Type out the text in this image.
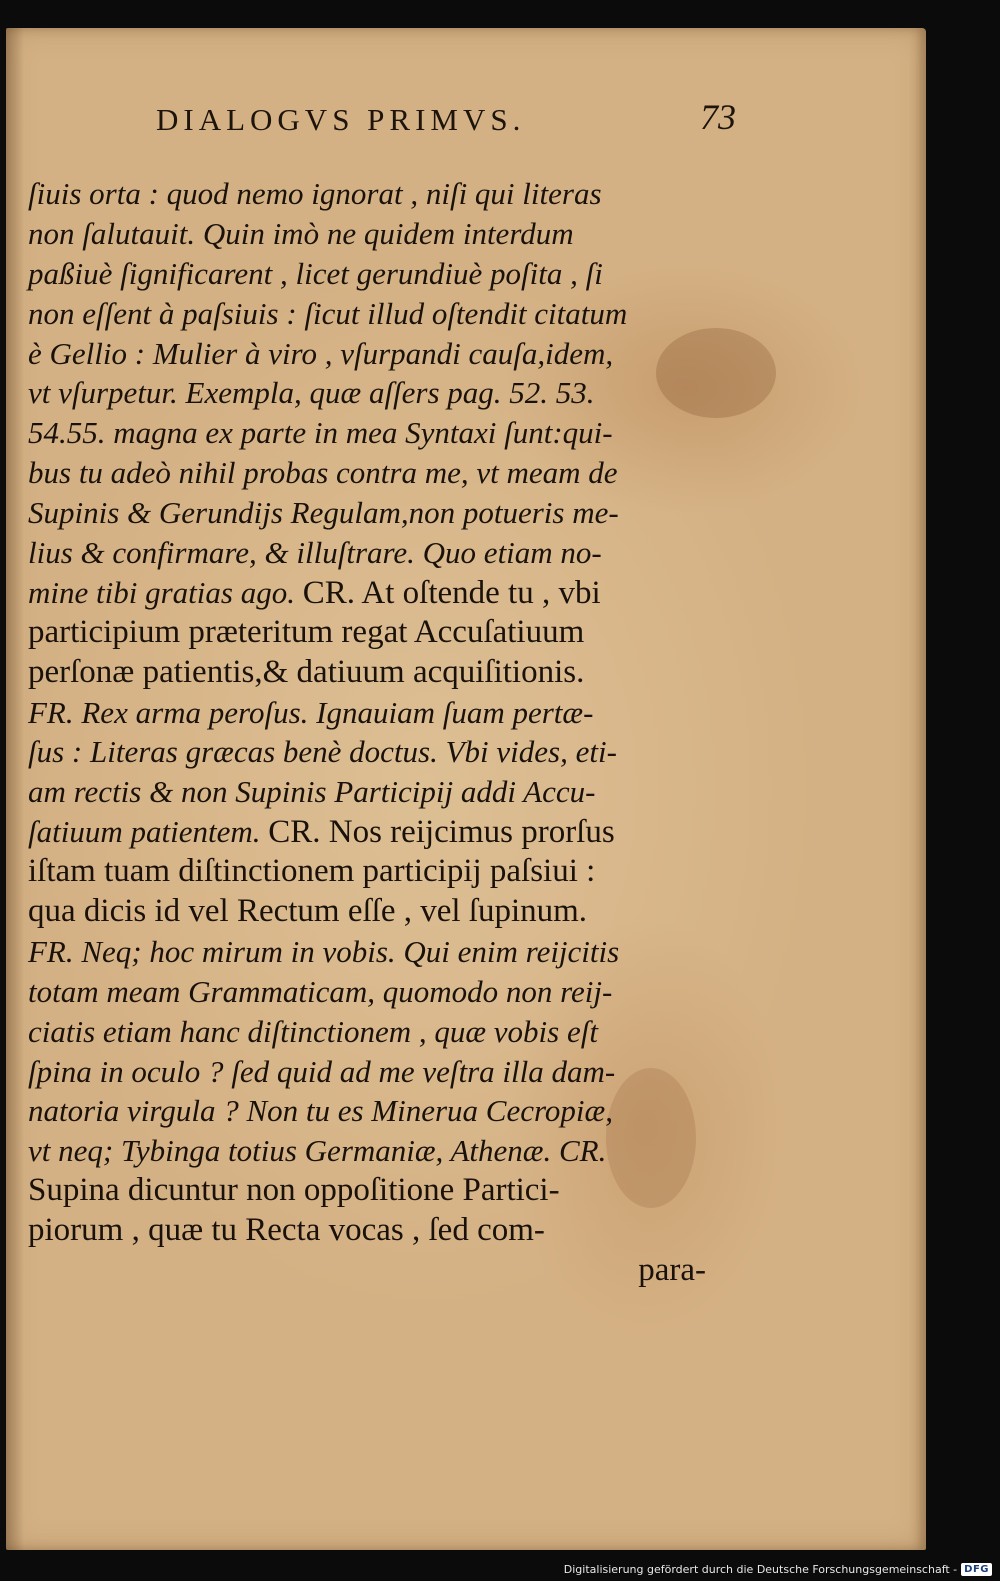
DIALOGVS PRIMVS.	73
ſiuis orta : quod nemo ignorat , niſi qui literas
non ſalutauit. Quin imò ne quidem interdum
paßiuè ſignificarent , licet gerundiuè poſita , ſi
non eſſent à paſsiuis : ſicut illud oſtendit citatum
è Gellio : Mulier à viro , vſurpandi cauſa,idem,
vt vſurpetur. Exempla, quæ aſſers pag. 52. 53.
54.55. magna ex parte in mea Syntaxi ſunt:qui-
bus tu adeò nihil probas contra me, vt meam de
Supinis & Gerundijs Regulam,non potueris me-
lius & confirmare, & illuſtrare. Quo etiam no-
mine tibi gratias ago. CR. At oſtende tu , vbi
participium præteritum regat Accuſatiuum
perſonæ patientis,& datiuum acquiſitionis.
FR. Rex arma peroſus. Ignauiam ſuam pertæ-
ſus : Literas græcas benè doctus. Vbi vides, eti-
am rectis & non Supinis Participij addi Accu-
ſatiuum patientem. CR. Nos reijcimus prorſus
iſtam tuam diſtinctionem participij paſsiui :
qua dicis id vel Rectum eſſe , vel ſupinum.
FR. Neq; hoc mirum in vobis. Qui enim reijcitis
totam meam Grammaticam, quomodo non reij-
ciatis etiam hanc diſtinctionem , quæ vobis eſt
ſpina in oculo ? ſed quid ad me veſtra illa dam-
natoria virgula ? Non tu es Minerua Cecropiæ,
vt neq; Tybinga totius Germaniæ, Athenæ. CR.
Supina dicuntur non oppoſitione Partici-
piorum , quæ tu Recta vocas , ſed com-
para-
Digitalisierung gefördert durch die Deutsche Forschungsgemeinschaft - DFG
